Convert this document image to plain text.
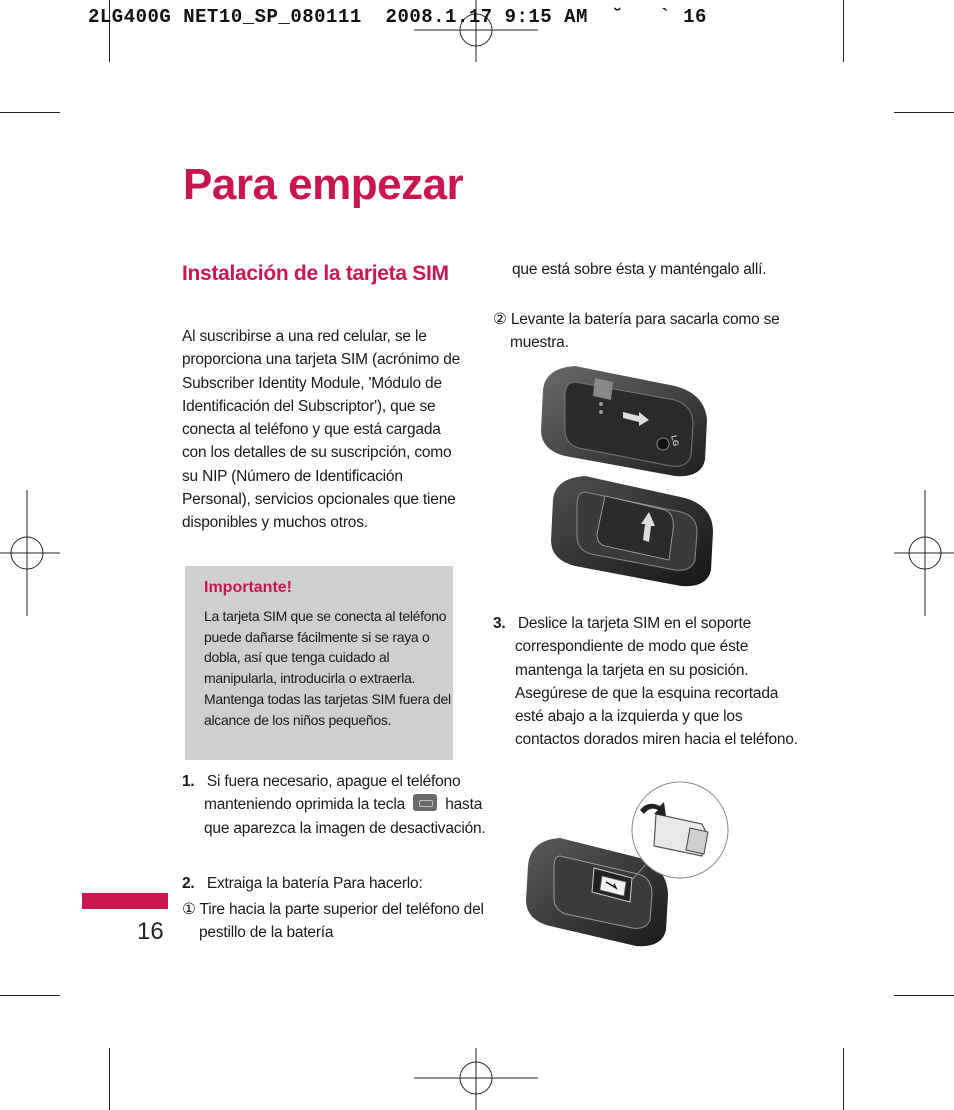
2LG400G NET10_SP_080111  2008.1.17 9:15 AM  ˘   ` 16
Para empezar
Instalación de la tarjeta SIM
Al suscribirse a una red celular, se le proporciona una tarjeta SIM (acrónimo de Subscriber Identity Module, 'Módulo de Identificación del Subscriptor'), que se conecta al teléfono y que está cargada con los detalles de su suscripción, como su NIP (Número de Identificación Personal), servicios opcionales que tiene disponibles y muchos otros.
Importante!
La tarjeta SIM que se conecta al teléfono puede dañarse fácilmente si se raya o dobla, así que tenga cuidado al manipularla, introducirla o extraerla. Mantenga todas las tarjetas SIM fuera del alcance de los niños pequeños.
1. Si fuera necesario, apague el teléfono manteniendo oprimida la tecla	hasta que aparezca la imagen de desactivación.
2. Extraiga la batería Para hacerlo:
① Tire hacia la parte superior del teléfono del pestillo de la batería
que está sobre ésta y manténgalo allí.
② Levante la batería para sacarla como se muestra.
LG
3. Deslice la tarjeta SIM en el soporte correspondiente de modo que éste mantenga la tarjeta en su posición. Asegúrese de que la esquina recortada esté abajo a la izquierda y que los contactos dorados miren hacia el teléfono.
16
